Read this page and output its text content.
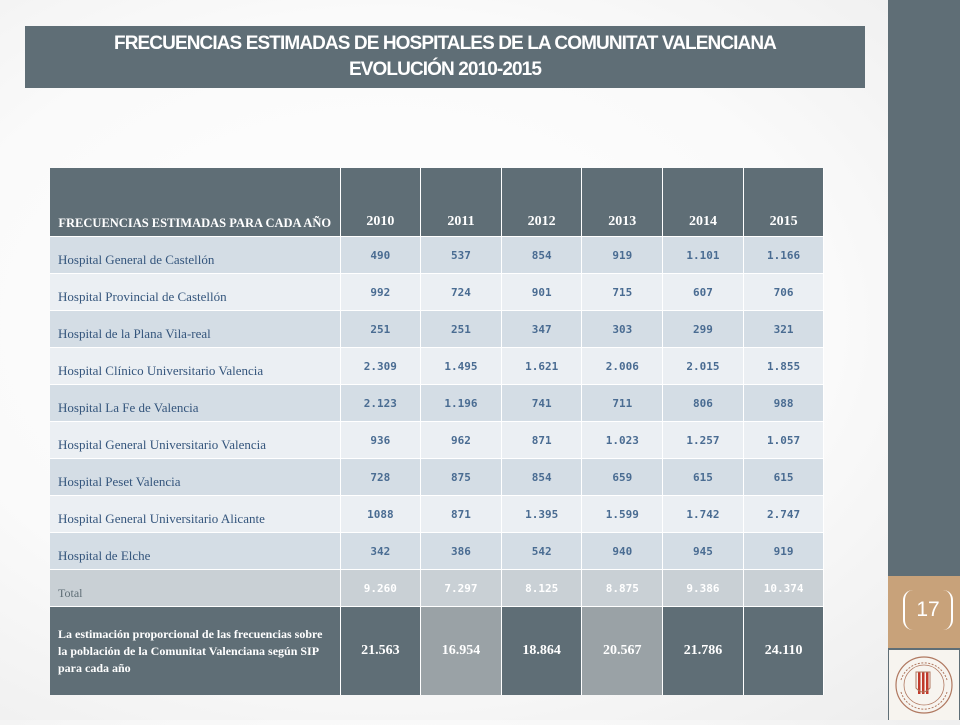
17
FRECUENCIAS ESTIMADAS DE HOSPITALES DE LA COMUNITAT VALENCIANA
EVOLUCIÓN 2010-2015
FRECUENCIAS ESTIMADAS PARA CADA AÑO	2010	2011	2012	2013	2014	2015
Hospital General de Castellón	490	537	854	919	1.101	1.166
Hospital Provincial de Castellón	992	724	901	715	607	706
Hospital de la Plana Vila-real	251	251	347	303	299	321
Hospital Clínico Universitario Valencia	2.309	1.495	1.621	2.006	2.015	1.855
Hospital La Fe de Valencia	2.123	1.196	741	711	806	988
Hospital General Universitario Valencia	936	962	871	1.023	1.257	1.057
Hospital Peset Valencia	728	875	854	659	615	615
Hospital General Universitario Alicante	1088	871	1.395	1.599	1.742	2.747
Hospital de Elche	342	386	542	940	945	919
Total	9.260	7.297	8.125	8.875	9.386	10.374
La estimación proporcional de las frecuencias sobre la población de la Comunitat Valenciana según SIP para cada año	21.563	16.954	18.864	20.567	21.786	24.110
